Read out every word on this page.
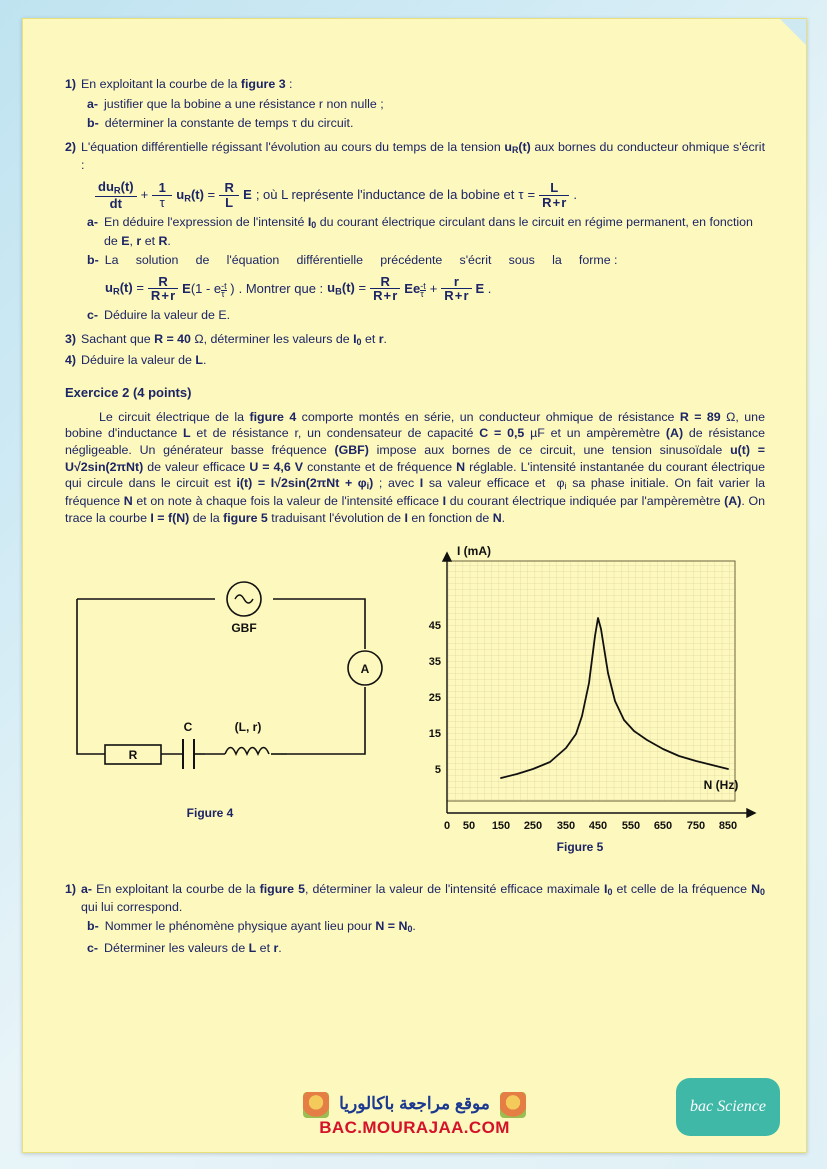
1) En exploitant la courbe de la figure 3 :
a- justifier que la bobine a une résistance r non nulle ;
b- déterminer la constante de temps τ du circuit.
2) L'équation différentielle régissant l'évolution au cours du temps de la tension $u_R(t)$ aux bornes du conducteur ohmique s'écrit :
$\frac{du_R(t)}{dt} + \frac{1}{\tau} u_R(t) = \frac{R}{L}$ E ; où L représente l'inductance de la bobine et $\tau = \frac{L}{R + r}$ .
a- En déduire l'expression de l'intensité $I_0$ du courant électrique circulant dans le circuit en régime permanent, en fonction de E, r et R.
b- La     solution     de     l'équation     différentielle     précédente     s'écrit     sous     la     forme :
$u_R(t) = \frac{R}{R + r} E(1 - e$ $^{\frac{-t}{\tau}}$ ) . Montrer que : $u_B(t) = \frac{R}{R + r}$ Ee $^{\frac{-t}{\tau}} + \frac{r}{R + r}$ E .
c- Déduire la valeur de E.
3) Sachant que R = 40 Ω, déterminer les valeurs de $I_0$ et r.
4) Déduire la valeur de L.
Exercice 2 (4 points)
Le circuit électrique de la figure 4 comporte montés en série, un conducteur ohmique de résistance R = 89 Ω, une bobine d'inductance L et de résistance r, un condensateur de capacité C = 0,5 µF et un ampèremètre (A) de résistance négligeable. Un générateur basse fréquence (GBF) impose aux bornes de ce circuit, une tension sinusoïdale u(t) = U√2sin(2πNt) de valeur efficace U = 4,6 V constante et de fréquence N réglable. L'intensité instantanée du courant électrique qui circule dans le circuit est $i(t) = I√2\sin(2\pi Nt + \varphi_i)$ ; avec I sa valeur efficace et  $\varphi_i$ sa phase initiale. On fait varier la fréquence N et on note à chaque fois la valeur de l'intensité efficace I du courant électrique indiquée par l'ampèremètre (A). On trace la courbe I = f(N) de la figure 5 traduisant l'évolution de I en fonction de N.
GBF
A
R
C	(L, r)
Figure 4
45
35
25
15
5
0 50 150 250 350 450 550 650 750 850
I (mA)
N (Hz)
Figure 5
1) a- En exploitant la courbe de la figure 5, déterminer la valeur de l'intensité efficace maximale $I_0$ et celle de la fréquence $N_0$ qui lui correspond.
b- Nommer le phénomène physique ayant lieu pour $N = N_0$.
c- Déterminer les valeurs de L et r.
موقع مراجعة باكالوريا
BAC.MOURAJAA.COM
bac Science
